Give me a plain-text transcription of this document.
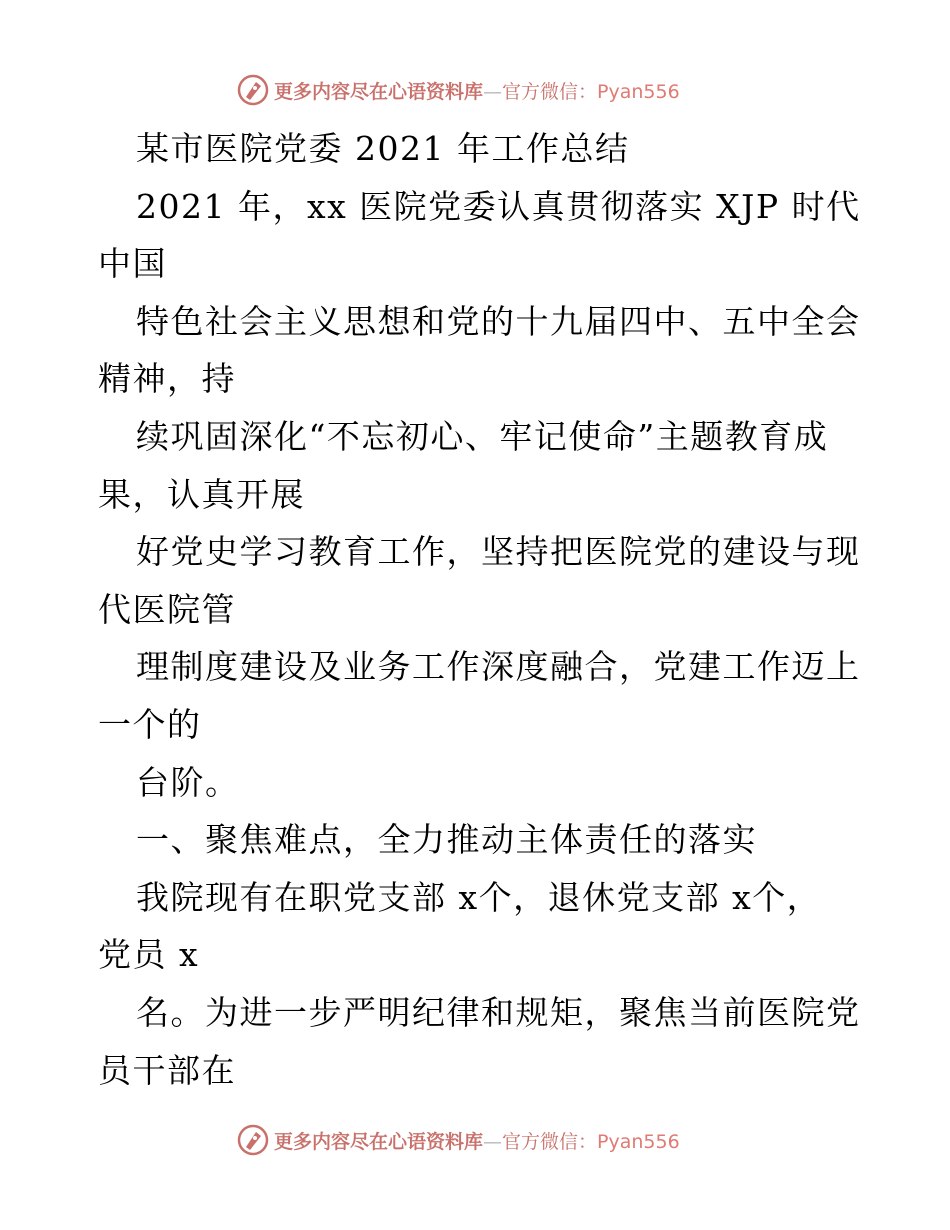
更多内容尽在心语资料库—官方微信：Pyan556
某市医院党委 2021 年工作总结
2021 年，xx 医院党委认真贯彻落实 XJP 时代
中国
特色社会主义思想和党的十九届四中、五中全会
精神，持
续巩固深化“不忘初心、牢记使命”主题教育成
果，认真开展
好党史学习教育工作，坚持把医院党的建设与现
代医院管
理制度建设及业务工作深度融合，党建工作迈上
一个的
台阶。
一、聚焦难点，全力推动主体责任的落实
我院现有在职党支部 x个，退休党支部 x个，
党员 x
名。为进一步严明纪律和规矩，聚焦当前医院党
员干部在
更多内容尽在心语资料库—官方微信：Pyan556
